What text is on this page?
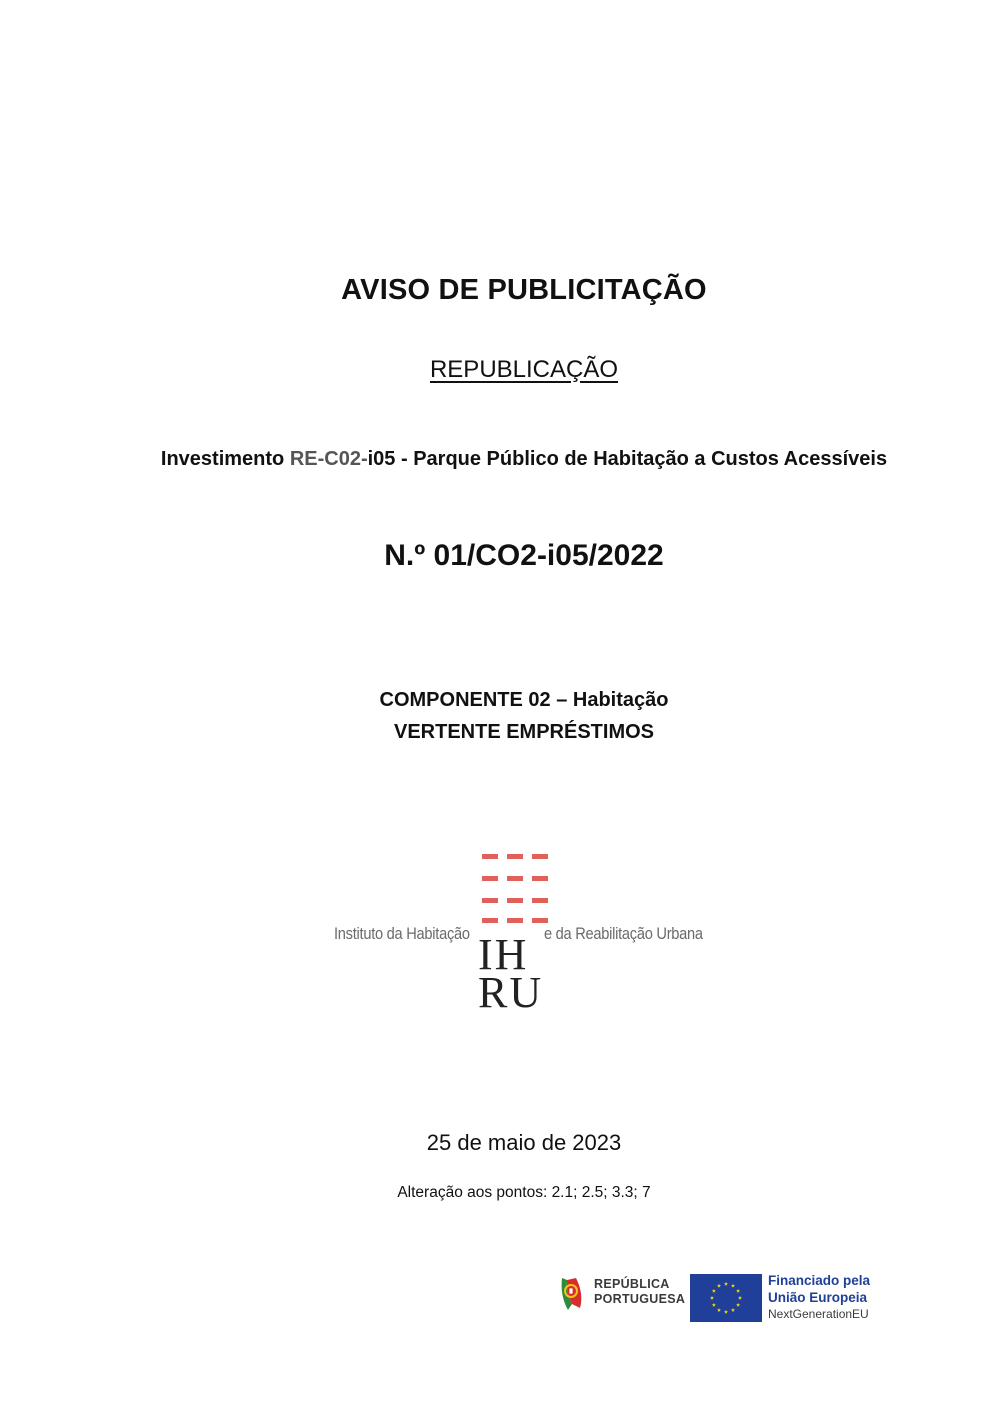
AVISO DE PUBLICITAÇÃO
REPUBLICAÇÃO
Investimento RE-C02-i05 - Parque Público de Habitação a Custos Acessíveis
N.º 01/CO2-i05/2022
COMPONENTE 02 – Habitação
VERTENTE EMPRÉSTIMOS
Instituto da Habitação	e da Reabilitação Urbana
IH
RU
25 de maio de 2023
Alteração aos pontos: 2.1; 2.5; 3.3; 7
REPÚBLICA
PORTUGUESA
Financiado pela
União Europeia
NextGenerationEU
